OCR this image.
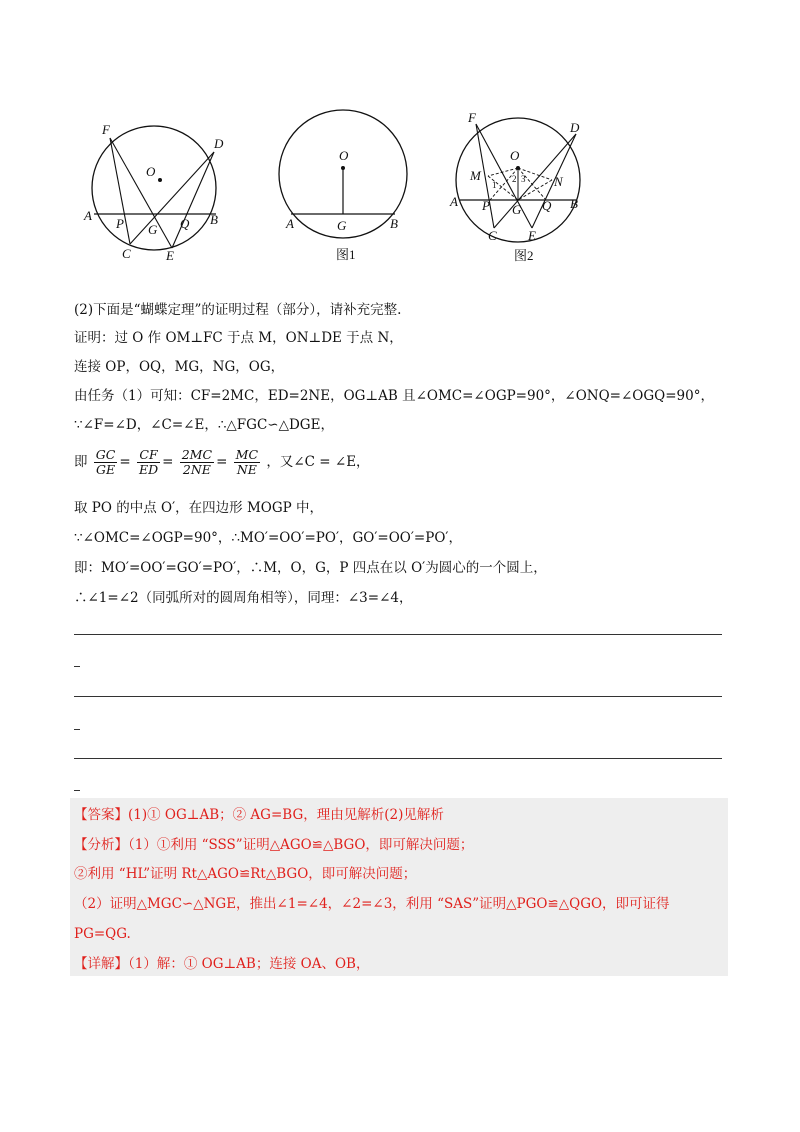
F
D
O
A
P G Q B
C	E
O
A	G	B
图1
F
D
O
M	N
A P G Q B
C E
1
2 3
图2
(2)下面是“蝴蝶定理”的证明过程（部分），请补充完整.
证明：过 O 作 OM⊥FC 于点 M，ON⊥DE 于点 N，
连接 OP，OQ，MG，NG，OG，
由任务（1）可知：CF=2MC，ED=2NE，OG⊥AB 且∠OMC=∠OGP=90°，∠ONQ=∠OGQ=90°，
∵∠F=∠D，∠C=∠E，∴△FGC∽△DGE，
即 $\frac{GC}{GE} = \frac{CF}{ED} = \frac{2MC}{2NE} = \frac{MC}{NE}$ ，又∠C = ∠E，
取 PO 的中点 O′，在四边形 MOGP 中，
∵∠OMC=∠OGP=90°，∴MO′=OO′=PO′，GO′=OO′=PO′，
即：MO′=OO′=GO′=PO′，∴M，O，G，P 四点在以 O′为圆心的一个圆上，
∴∠1=∠2（同弧所对的圆周角相等），同理：∠3=∠4，
【答案】(1)① OG⊥AB；② AG=BG，理由见解析(2)见解析
【分析】（1）①利用 “SSS”证明△AGO≌△BGO，即可解决问题；
②利用 “HL”证明 Rt△AGO≌Rt△BGO，即可解决问题；
（2）证明△MGC∽△NGE，推出∠1=∠4，∠2=∠3，利用 “SAS”证明△PGO≌△QGO，即可证得
PG=QG.
【详解】（1）解：① OG⊥AB；连接 OA、OB，
